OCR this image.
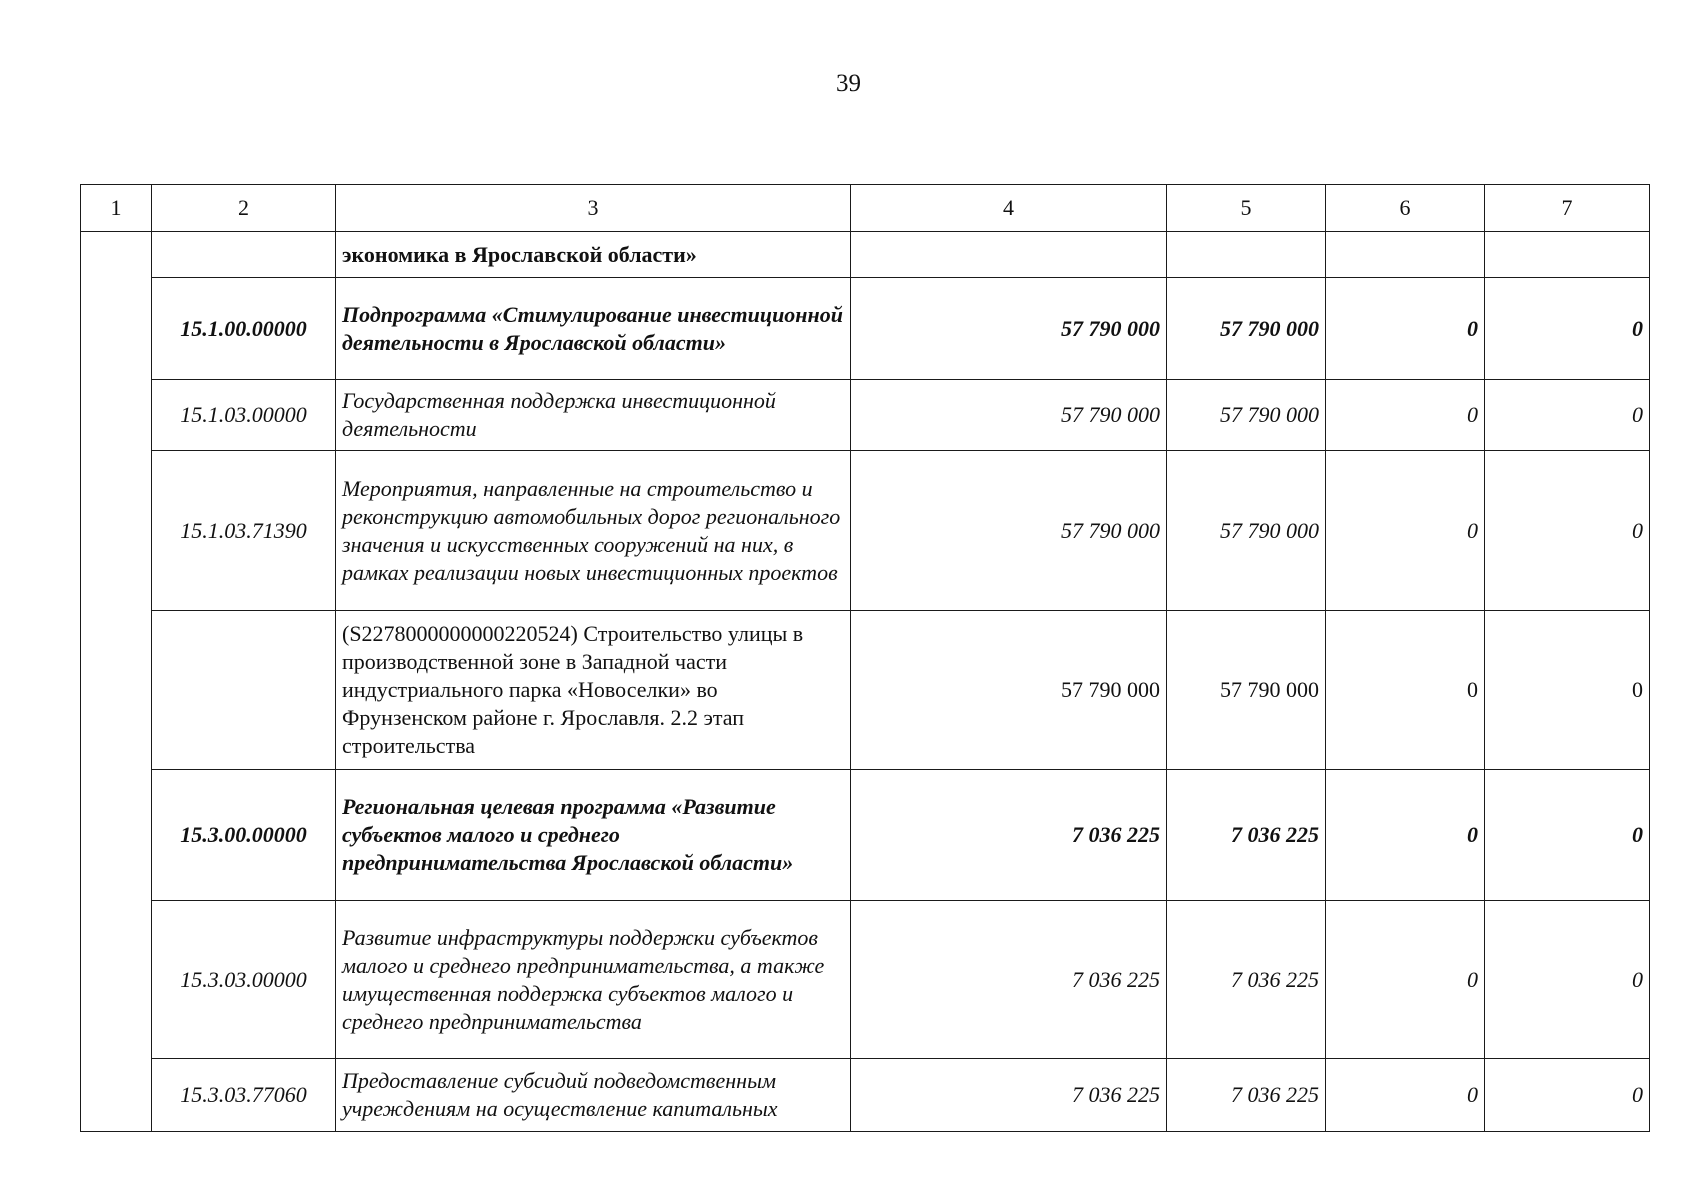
39
1	2	3	4	5	6	7
		экономика в Ярославской области»				
	15.1.00.00000	Подпрограмма «Стимулирование инвестиционной деятельности в Ярославской области»	57 790 000	57 790 000	0	0
	15.1.03.00000	Государственная поддержка инвестиционной деятельности	57 790 000	57 790 000	0	0
	15.1.03.71390	Мероприятия, направленные на строительство и реконструкцию автомобильных дорог регионального значения и искусственных сооружений на них, в рамках реализации новых инвестиционных проектов	57 790 000	57 790 000	0	0
		(S2278000000000220524) Строительство улицы в производственной зоне в Западной части индустриального парка «Новоселки» во Фрунзенском районе г. Ярославля. 2.2 этап строительства	57 790 000	57 790 000	0	0
	15.3.00.00000	Региональная целевая программа «Развитие субъектов малого и среднего предпринимательства Ярославской области»	7 036 225	7 036 225	0	0
	15.3.03.00000	Развитие инфраструктуры поддержки субъектов малого и среднего предпринимательства, а также имущественная поддержка субъектов малого и среднего предпринимательства	7 036 225	7 036 225	0	0
	15.3.03.77060	Предоставление субсидий подведомственным учреждениям на осуществление капитальных	7 036 225	7 036 225	0	0
